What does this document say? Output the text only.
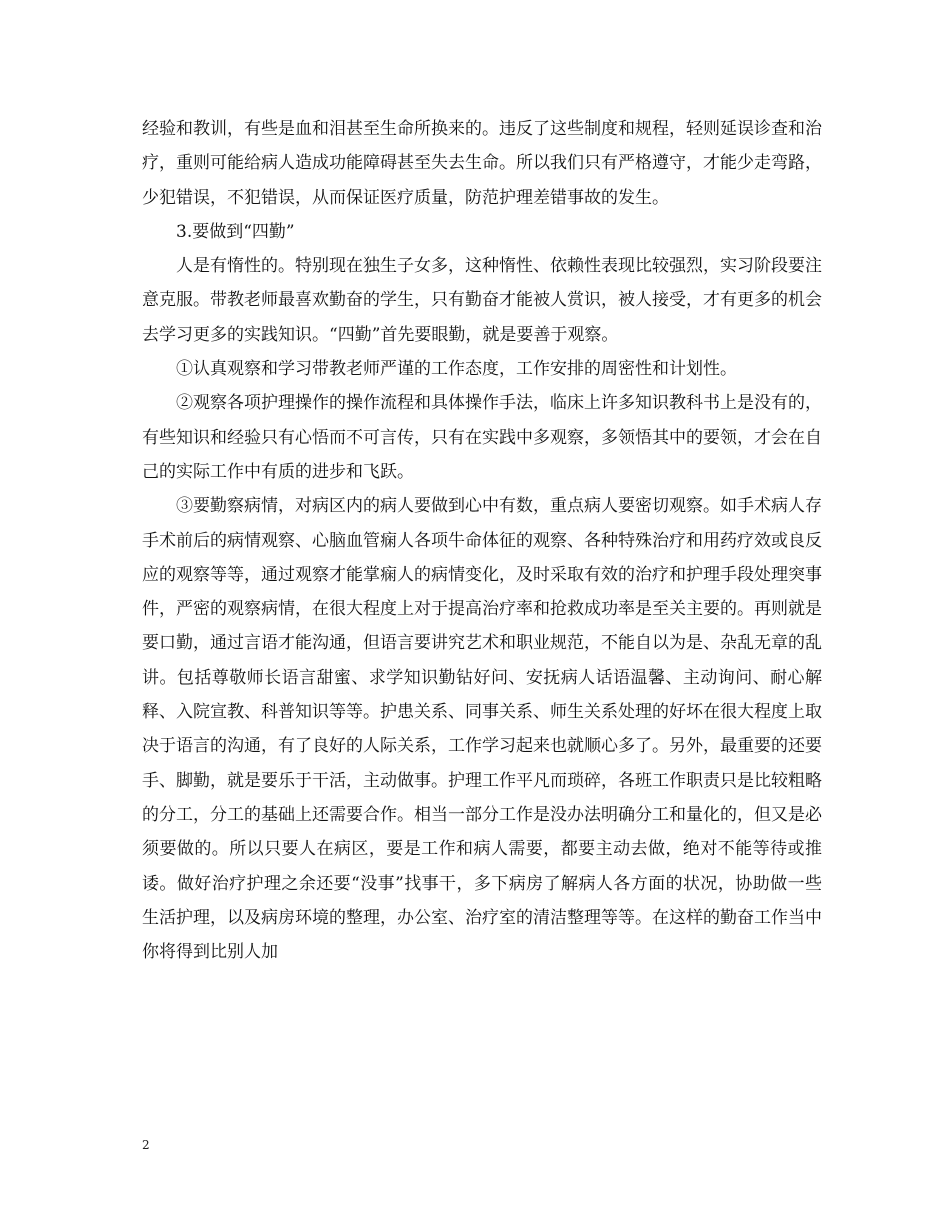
经验和教训，有些是血和泪甚至生命所换来的。违反了这些制度和规程，轻则延误诊查和治疗，重则可能给病人造成功能障碍甚至失去生命。所以我们只有严格遵守，才能少走弯路，少犯错误，不犯错误，从而保证医疗质量，防范护理差错事故的发生。

3.要做到“四勤”

人是有惰性的。特别现在独生子女多，这种惰性、依赖性表现比较强烈，实习阶段要注意克服。带教老师最喜欢勤奋的学生，只有勤奋才能被人赏识，被人接受，才有更多的机会去学习更多的实践知识。“四勤”首先要眼勤，就是要善于观察。

①认真观察和学习带教老师严谨的工作态度，工作安排的周密性和计划性。

②观察各项护理操作的操作流程和具体操作手法，临床上许多知识教科书上是没有的，有些知识和经验只有心悟而不可言传，只有在实践中多观察，多领悟其中的要领，才会在自己的实际工作中有质的进步和飞跃。

③要勤察病情，对病区内的病人要做到心中有数，重点病人要密切观察。如手术病人存手术前后的病情观察、心脑血管痫人各项牛命体征的观察、各种特殊治疗和用药疗效或良反应的观察等等，通过观察才能掌痫人的病情变化，及时采取有效的治疗和护理手段处理突事件，严密的观察病情，在很大程度上对于提高治疗率和抢救成功率是至关主要的。再则就是要口勤，通过言语才能沟通，但语言要讲究艺术和职业规范，不能自以为是、杂乱无章的乱讲。包括尊敬师长语言甜蜜、求学知识勤钻好问、安抚病人话语温馨、主动询问、耐心解释、入院宣教、科普知识等等。护患关系、同事关系、师生关系处理的好坏在很大程度上取决于语言的沟通，有了良好的人际关系，工作学习起来也就顺心多了。另外，最重要的还要手、脚勤，就是要乐于干活，主动做事。护理工作平凡而琐碎，各班工作职责只是比较粗略的分工，分工的基础上还需要合作。相当一部分工作是没办法明确分工和量化的，但又是必须要做的。所以只要人在病区，要是工作和病人需要，都要主动去做，绝对不能等待或推诿。做好治疗护理之余还要“没事”找事干，多下病房了解病人各方面的状况，协助做一些生活护理，以及病房环境的整理，办公室、治疗室的清洁整理等等。在这样的勤奋工作当中你将得到比别人加

2
